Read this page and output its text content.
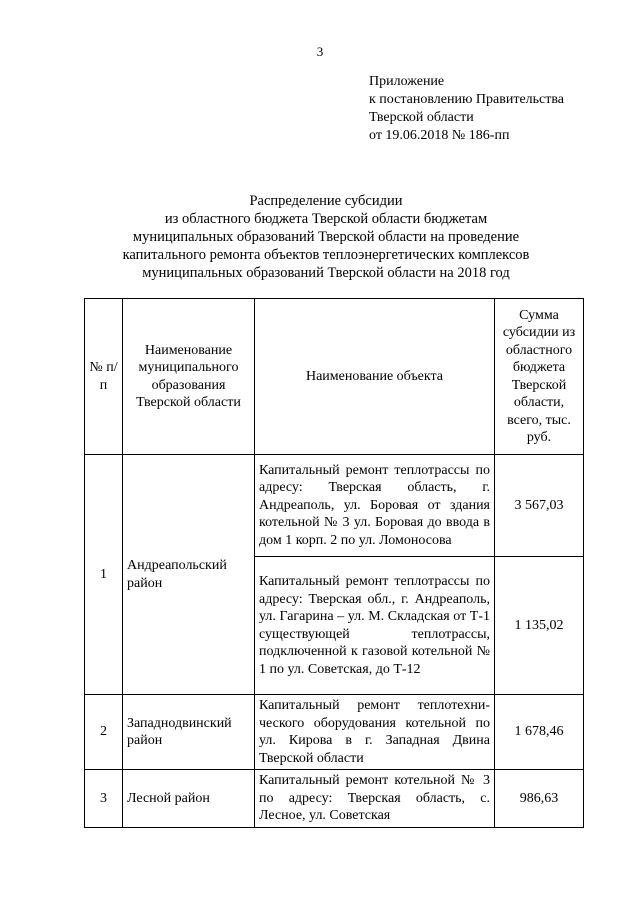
3
Приложение
к постановлению Правительства
Тверской области
от 19.06.2018 № 186-пп
Распределение субсидии
из областного бюджета Тверской области бюджетам
муниципальных образований Тверской области на проведение
капитального ремонта объектов теплоэнергетических комплексов
муниципальных образований Тверской области на 2018 год
№ п/п	Наименование муниципального образования Тверской области	Наименование объекта	Сумма субсидии из областного бюджета Тверской области, всего, тыс. руб.
1	Андреапольский район	Капитальный ремонт теплотрассы по адресу: Тверская область, г. Андреаполь, ул. Боровая от здания котельной № 3 ул. Боровая до ввода в дом 1 корп. 2 по ул. Ломоносова	3 567,03
		Капитальный ремонт теплотрассы по адресу: Тверская обл., г. Андреаполь, ул. Гагарина – ул. М. Складская от Т-1 существующей теплотрассы, подключенной к газовой котельной № 1 по ул. Советская, до Т-12	1 135,02
2	Западнодвинский район	Капитальный ремонт теплотехнического оборудования котельной по ул. Кирова в г. Западная Двина Тверской области	1 678,46
3	Лесной район	Капитальный ремонт котельной № 3 по адресу: Тверская область, с. Лесное, ул. Советская	986,63
